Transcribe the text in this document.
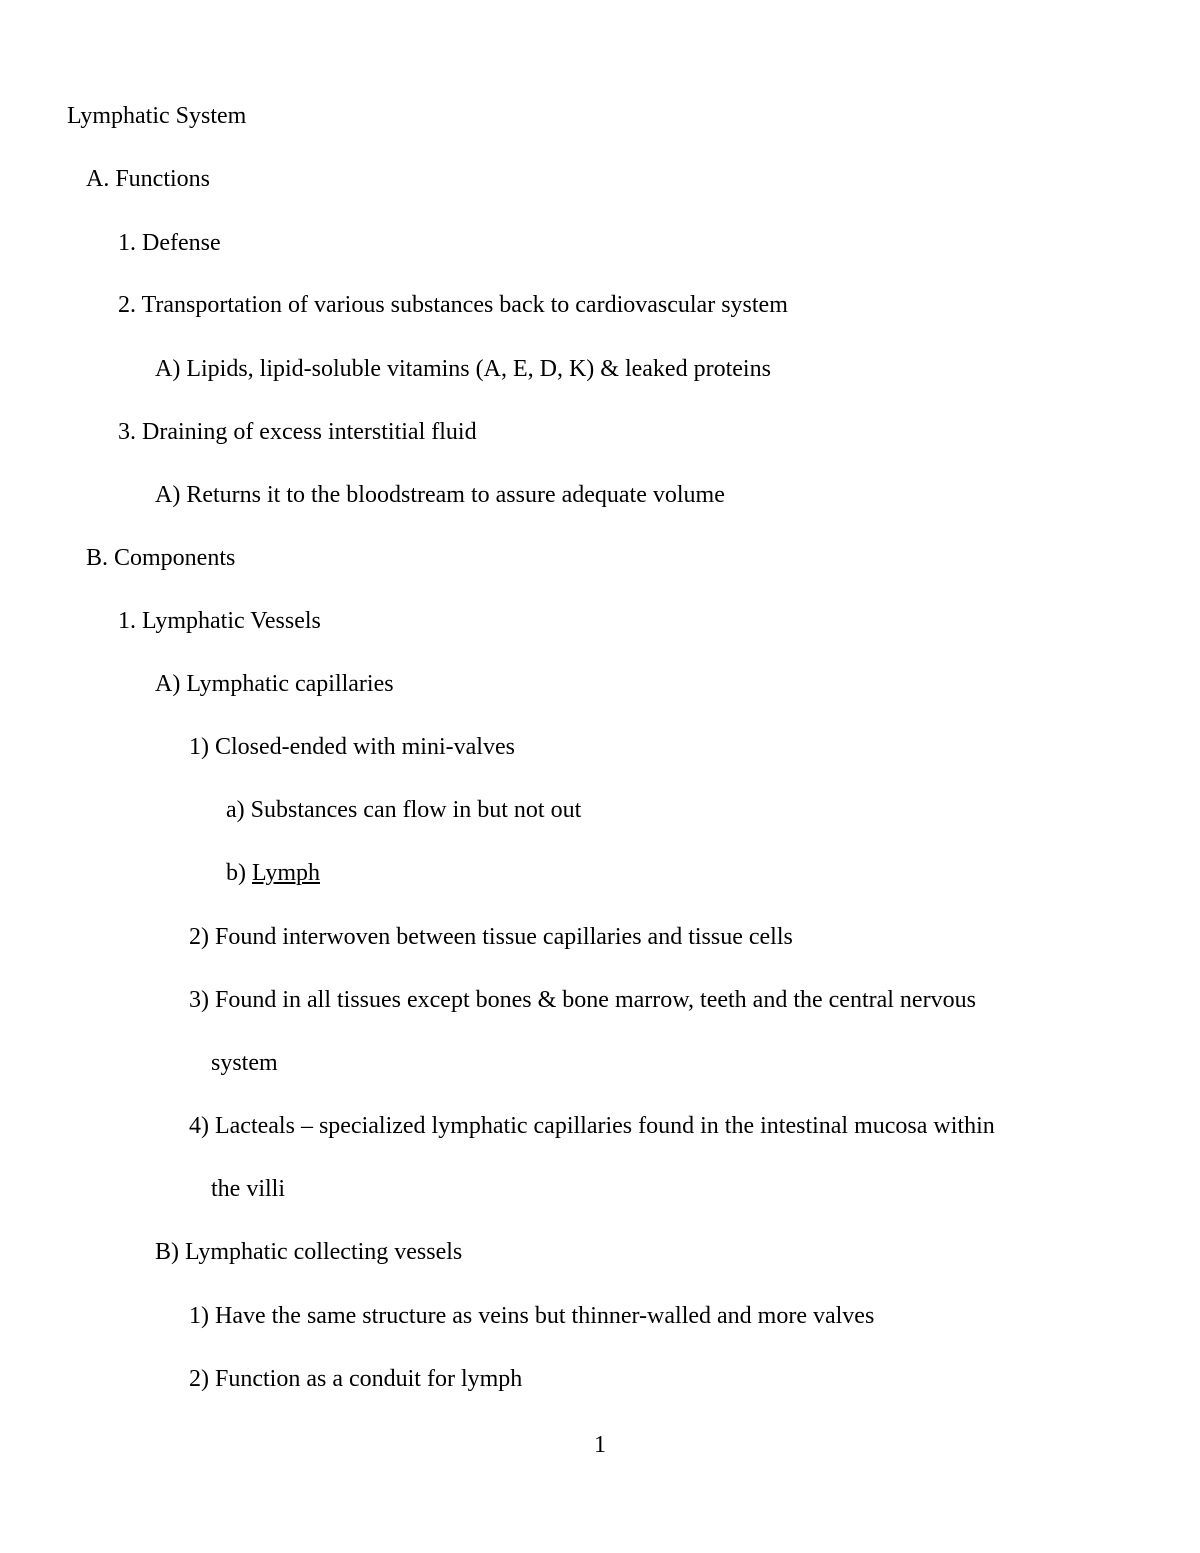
Lymphatic System
A. Functions
1. Defense
2. Transportation of various substances back to cardiovascular system
A) Lipids, lipid-soluble vitamins (A, E, D, K) & leaked proteins
3. Draining of excess interstitial fluid
A) Returns it to the bloodstream to assure adequate volume
B. Components
1. Lymphatic Vessels
A) Lymphatic capillaries
1) Closed-ended with mini-valves
a) Substances can flow in but not out
b) Lymph
2) Found interwoven between tissue capillaries and tissue cells
3) Found in all tissues except bones & bone marrow, teeth and the central nervous
system
4) Lacteals – specialized lymphatic capillaries found in the intestinal mucosa within
the villi
B) Lymphatic collecting vessels
1) Have the same structure as veins but thinner-walled and more valves
2) Function as a conduit for lymph
1
